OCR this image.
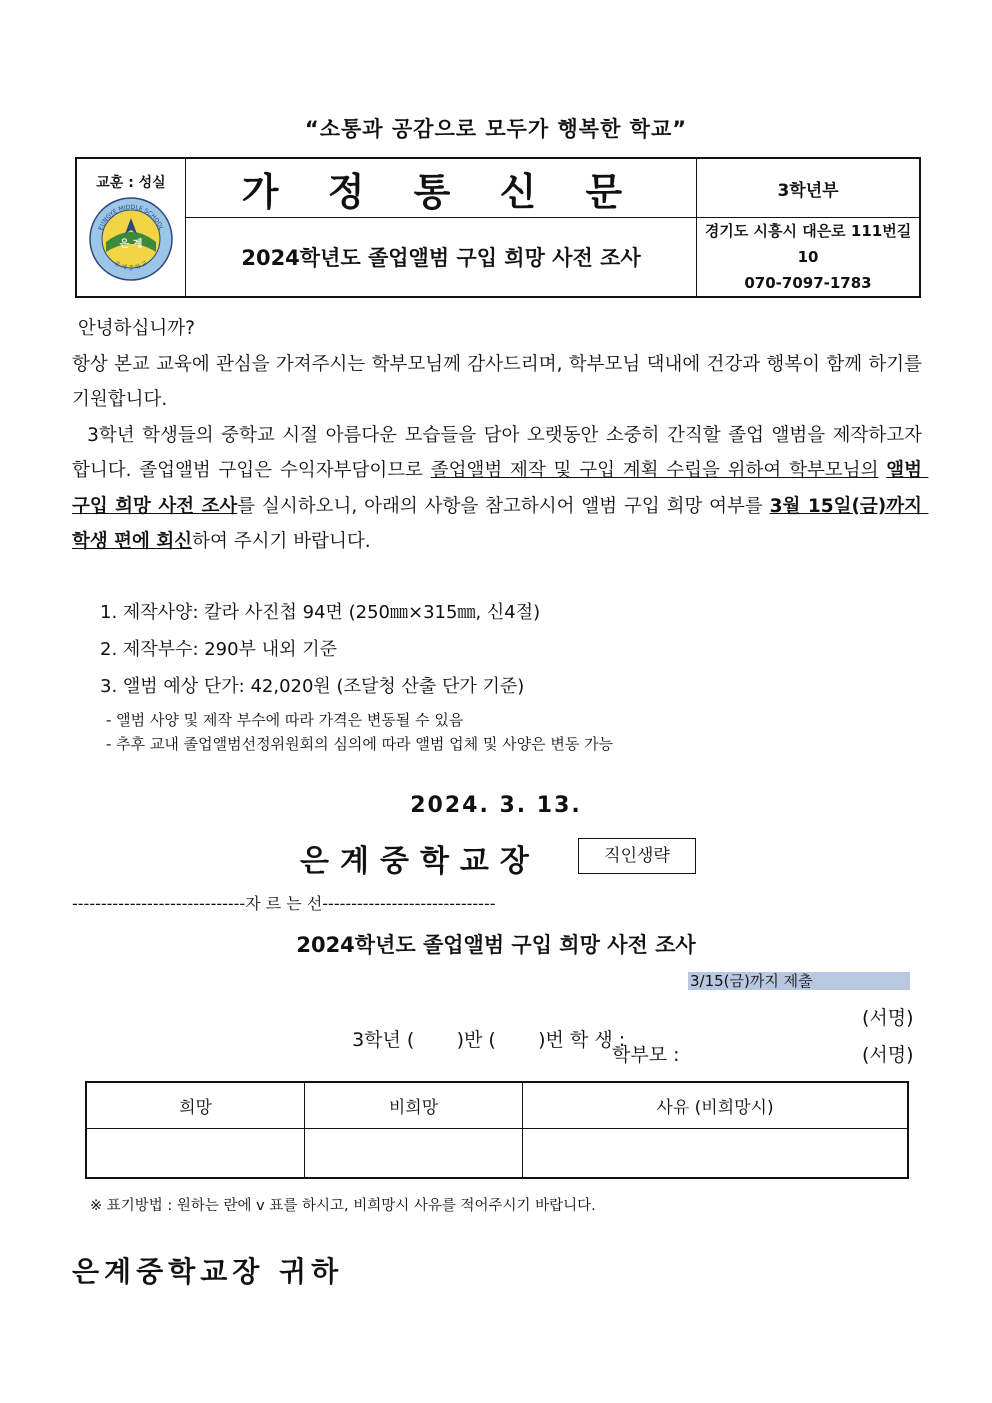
“소통과 공감으로 모두가 행복한 학교”
교훈 : 성실
EUNGYE MIDDLE SCHOOL
은 계 중 학 교
은 계	가 정 통 신 문	3학년부
	2024학년도 졸업앨범 구입 희망 사전 조사	경기도 시흥시 대은로 111번길 10
070-7097-1783

안녕하십니까?

항상 본교 교육에 관심을 가져주시는 학부모님께 감사드리며, 학부모님 댁내에 건강과 행복이 함께 하기를 기원합니다.

3학년 학생들의 중학교 시절 아름다운 모습들을 담아 오랫동안 소중히 간직할 졸업 앨범을 제작하고자 합니다. 졸업앨범 구입은 수익자부담이므로 졸업앨범 제작 및 구입 계획 수립을 위하여 학부모님의 앨범 구입 희망 사전 조사를 실시하오니, 아래의 사항을 참고하시어 앨범 구입 희망 여부를 3월 15일(금)까지 학생 편에 회신하여 주시기 바랍니다.

1. 제작사양: 칼라 사진첩 94면 (250㎜×315㎜, 신4절)
2. 제작부수: 290부 내외 기준
3. 앨범 예상 단가: 42,020원 (조달청 산출 단가 기준)
- 앨범 사양 및 제작 부수에 따라 가격은 변동될 수 있음
- 추후 교내 졸업앨범선정위원회의 심의에 따라 앨범 업체 및 사양은 변동 가능
2024. 3. 13.
은계중학교장	직인생략
------------------------------자 르 는 선------------------------------
2024학년도 졸업앨범 구입 희망 사전 조사
3/15(금)까지 제출

3학년 (       )반 (       )번 학 생 :

(서명)
학부모 :	(서명)
희망	비희망	사유 (비희망시)

※ 표기방법 : 원하는 란에 v 표를 하시고, 비희망시 사유를 적어주시기 바랍니다.
은계중학교장 귀하
